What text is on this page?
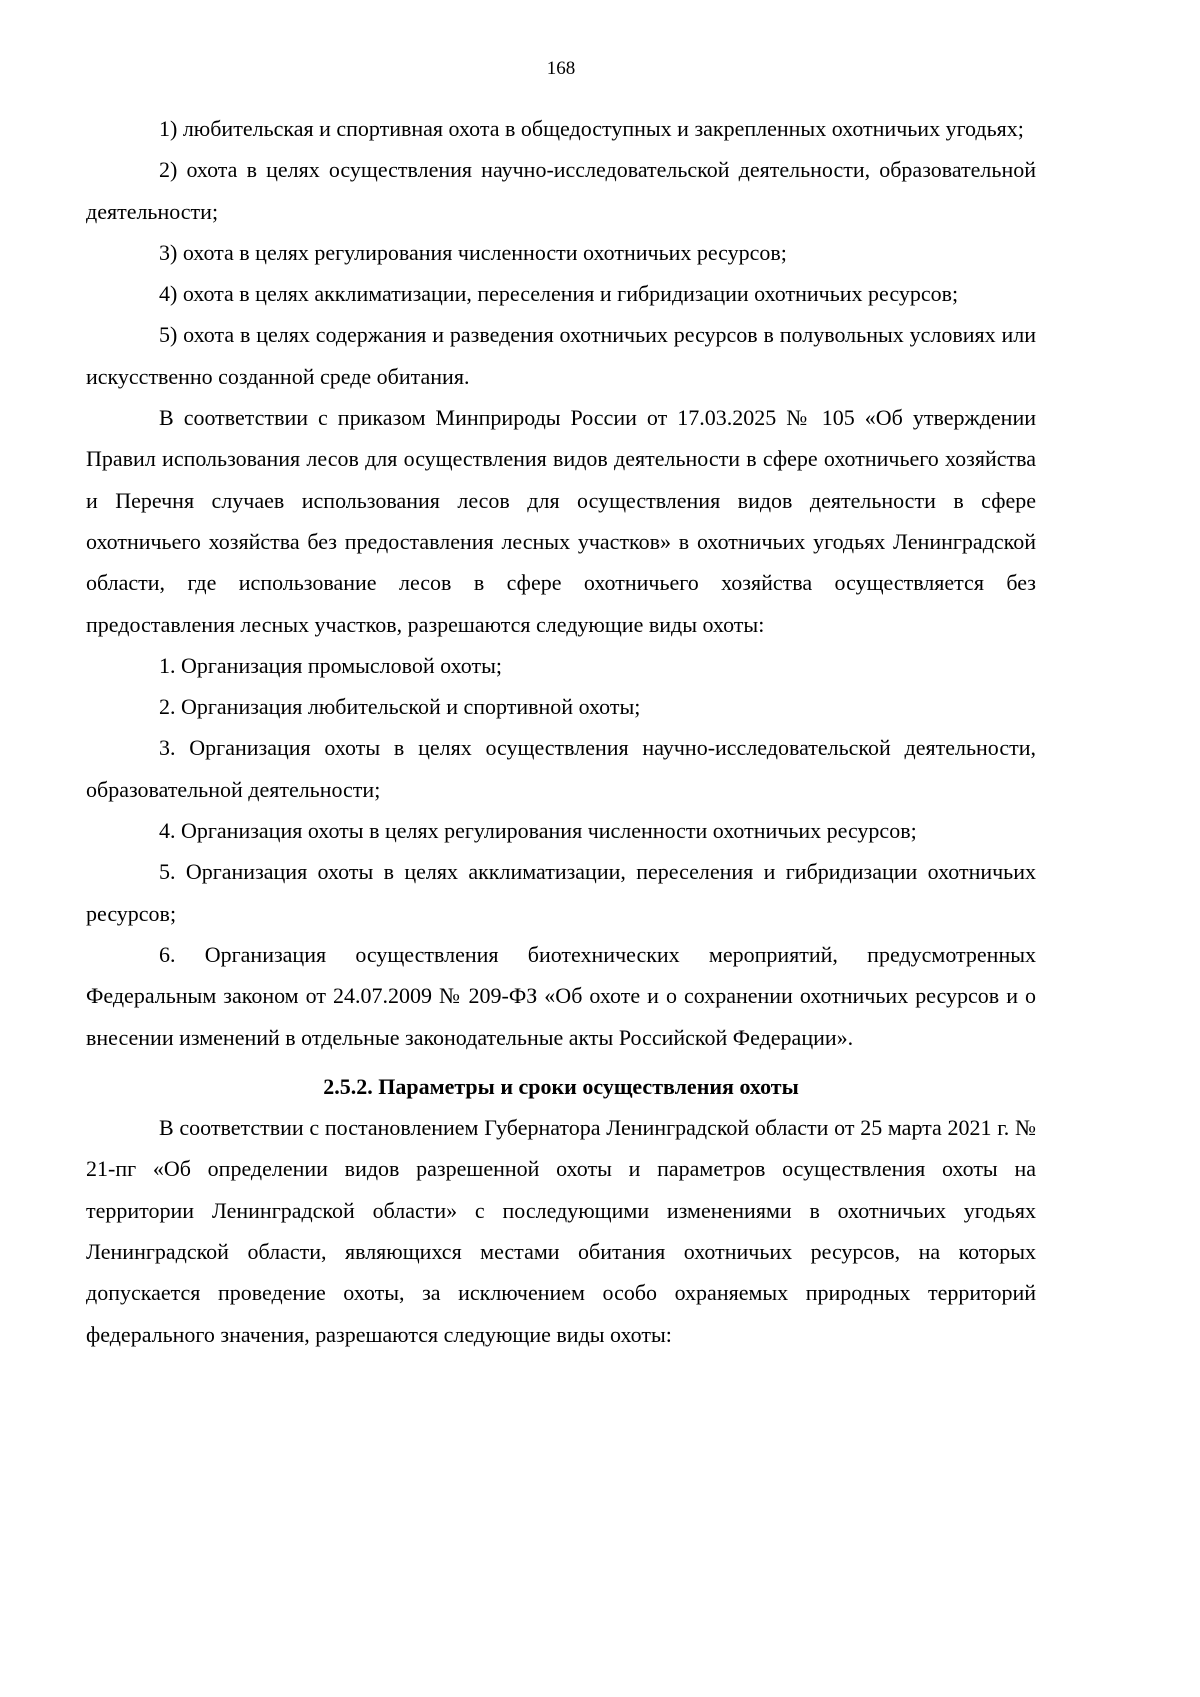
168

1) любительская и спортивная охота в общедоступных и закрепленных охотничьих угодьях;

2) охота в целях осуществления научно-исследовательской деятельности, образовательной деятельности;

3) охота в целях регулирования численности охотничьих ресурсов;

4) охота в целях акклиматизации, переселения и гибридизации охотничьих ресурсов;

5) охота в целях содержания и разведения охотничьих ресурсов в полувольных условиях или искусственно созданной среде обитания.

В соответствии с приказом Минприроды России от 17.03.2025 № 105 «Об утверждении Правил использования лесов для осуществления видов деятельности в сфере охотничьего хозяйства и Перечня случаев использования лесов для осуществления видов деятельности в сфере охотничьего хозяйства без предоставления лесных участков» в охотничьих угодьях Ленинградской области, где использование лесов в сфере охотничьего хозяйства осуществляется без предоставления лесных участков, разрешаются следующие виды охоты:

1. Организация промысловой охоты;

2. Организация любительской и спортивной охоты;

3. Организация охоты в целях осуществления научно-исследовательской деятельности, образовательной деятельности;

4. Организация охоты в целях регулирования численности охотничьих ресурсов;

5. Организация охоты в целях акклиматизации, переселения и гибридизации охотничьих ресурсов;

6. Организация осуществления биотехнических мероприятий, предусмотренных Федеральным законом от 24.07.2009 № 209-ФЗ «Об охоте и о сохранении охотничьих ресурсов и о внесении изменений в отдельные законодательные акты Российской Федерации».

2.5.2. Параметры и сроки осуществления охоты

В соответствии с постановлением Губернатора Ленинградской области от 25 марта 2021 г. № 21-пг «Об определении видов разрешенной охоты и параметров осуществления охоты на территории Ленинградской области» с последующими изменениями в охотничьих угодьях Ленинградской области, являющихся местами обитания охотничьих ресурсов, на которых допускается проведение охоты, за исключением особо охраняемых природных территорий федерального значения, разрешаются следующие виды охоты:
